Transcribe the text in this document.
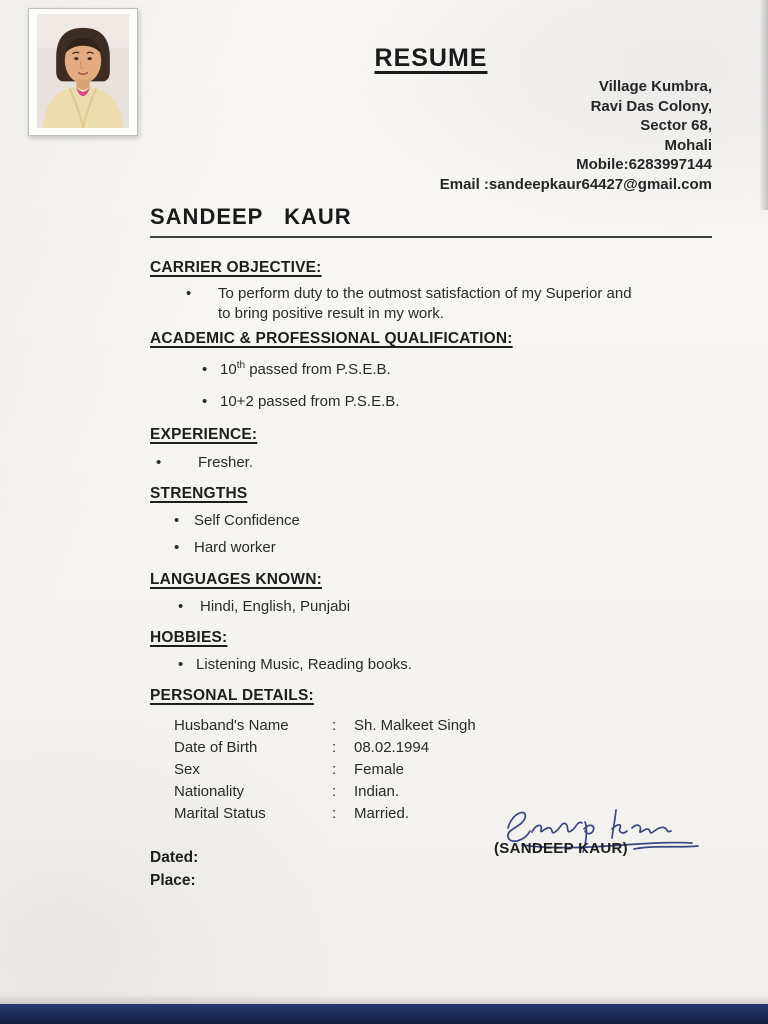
RESUME
Village Kumbra,
Ravi Das Colony,
Sector 68,
Mohali
Mobile:6283997144
Email :sandeepkaur64427@gmail.com
SANDEEP KAUR
CARRIER OBJECTIVE:
•	To perform duty to the outmost satisfaction of my Superior and
to bring positive result in my work.
ACADEMIC & PROFESSIONAL QUALIFICATION:
• 10th passed from P.S.E.B.
• 10+2 passed from P.S.E.B.
EXPERIENCE:
•	Fresher.
STRENGTHS
• Self Confidence
• Hard worker
LANGUAGES KNOWN:
•	Hindi, English, Punjabi
HOBBIES:
• Listening Music, Reading books.
PERSONAL DETAILS:
Husband's Name	:	Sh. Malkeet Singh
Date of Birth	:	08.02.1994
Sex	:	Female
Nationality	:	Indian.
Marital Status	:	Married.
Dated:
Place:
(SANDEEP KAUR)
